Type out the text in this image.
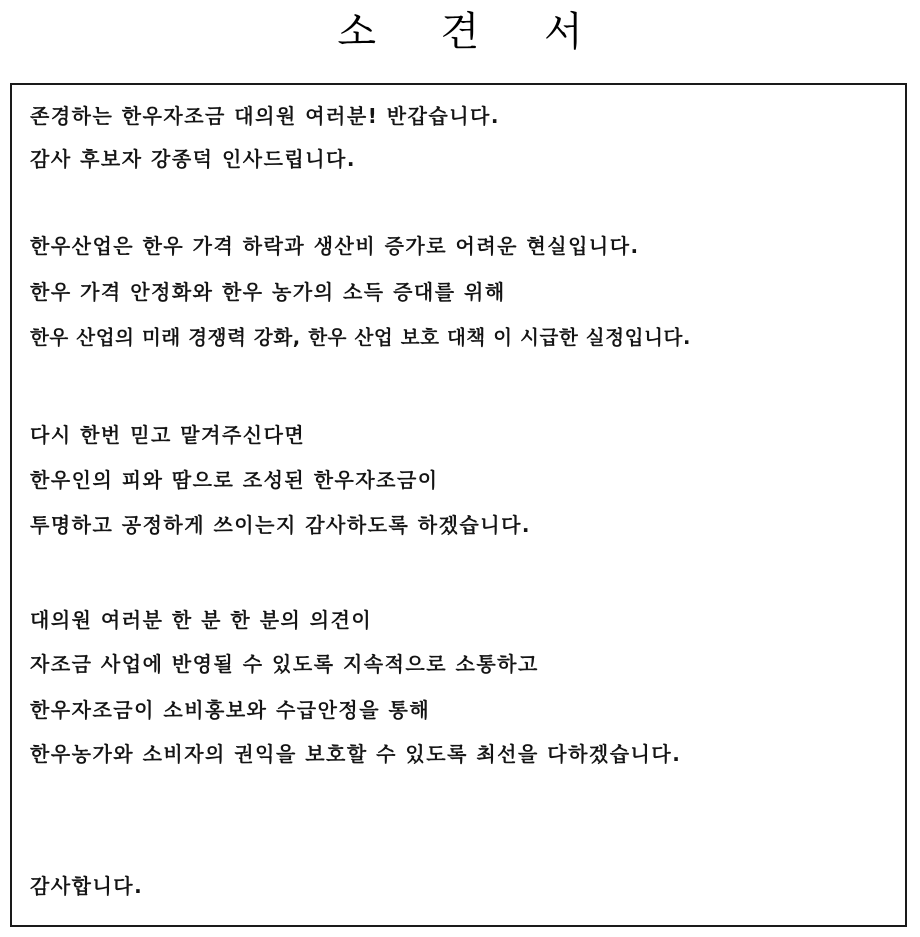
소 견 서
존경하는 한우자조금 대의원 여러분! 반갑습니다.
감사 후보자 강종덕 인사드립니다.
한우산업은 한우 가격 하락과 생산비 증가로 어려운 현실입니다.
한우 가격 안정화와 한우 농가의 소득 증대를 위해
한우 산업의 미래 경쟁력 강화, 한우 산업 보호 대책 이 시급한 실정입니다.
다시 한번 믿고 맡겨주신다면
한우인의 피와 땀으로 조성된 한우자조금이
투명하고 공정하게 쓰이는지 감사하도록 하겠습니다.
대의원 여러분 한 분 한 분의 의견이
자조금 사업에 반영될 수 있도록 지속적으로 소통하고
한우자조금이 소비홍보와 수급안정을 통해
한우농가와 소비자의 권익을 보호할 수 있도록 최선을 다하겠습니다.
감사합니다.
